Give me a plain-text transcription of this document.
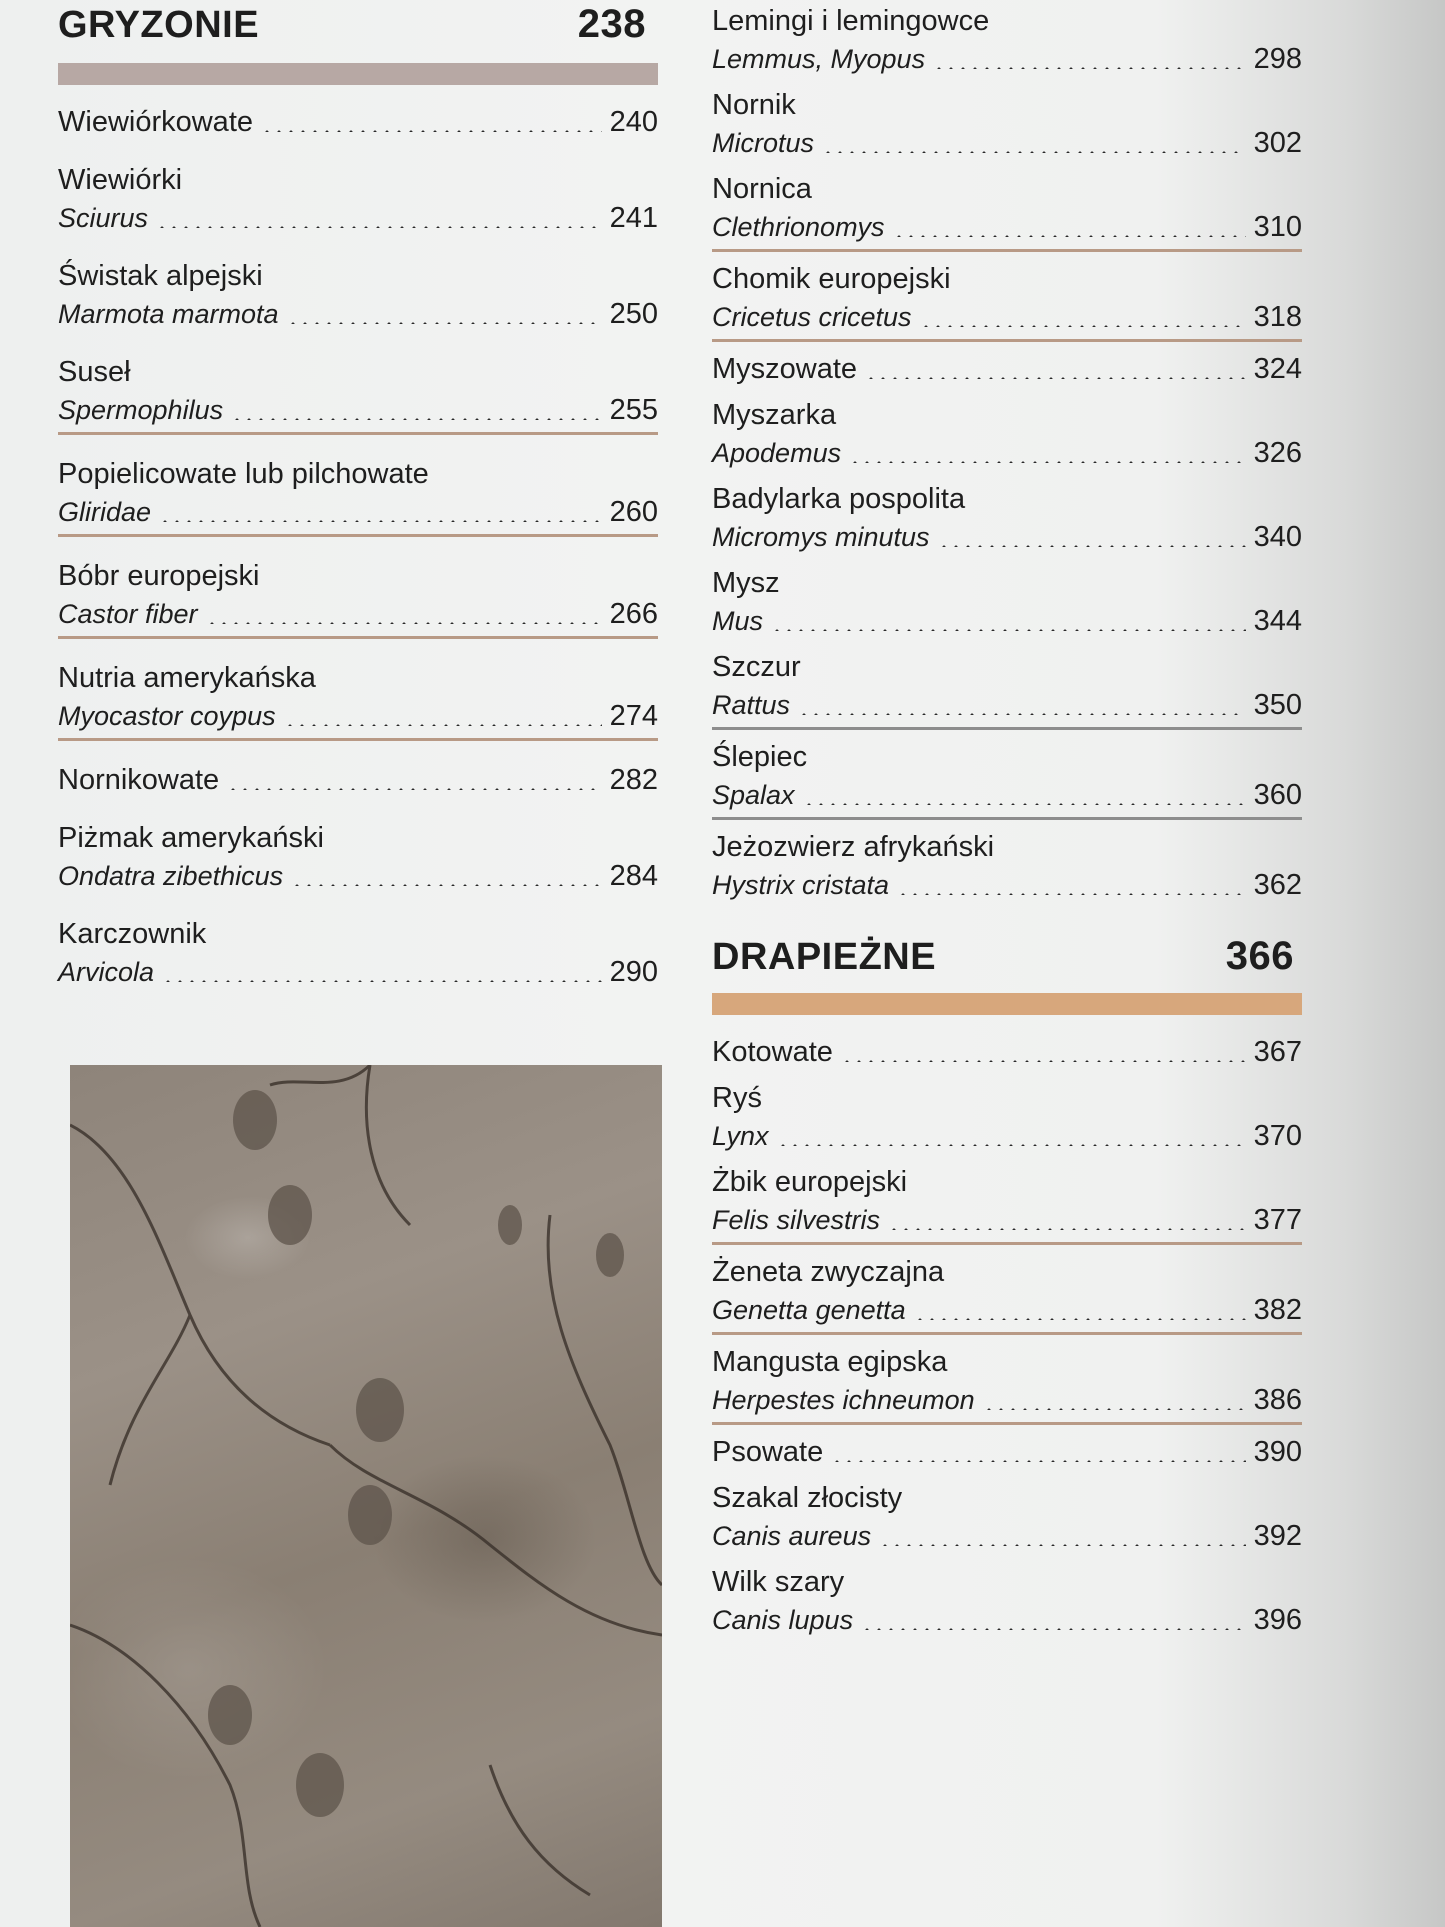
GRYZONIE	238
Wiewiórkowate	240
Wiewiórki
Sciurus	241
Świstak alpejski
Marmota marmota	250
Suseł
Spermophilus	255
Popielicowate lub pilchowate
Gliridae	260
Bóbr europejski
Castor fiber	266
Nutria amerykańska
Myocastor coypus	274
Nornikowate	282
Piżmak amerykański
Ondatra zibethicus	284
Karczownik
Arvicola	290
Lemingi i lemingowce
Lemmus, Myopus	298
Nornik
Microtus	302
Nornica
Clethrionomys	310
Chomik europejski
Cricetus cricetus	318
Myszowate	324
Myszarka
Apodemus	326
Badylarka pospolita
Micromys minutus	340
Mysz
Mus	344
Szczur
Rattus	350
Ślepiec
Spalax	360
Jeżozwierz afrykański
Hystrix cristata	362
DRAPIEŻNE	366
Kotowate	367
Ryś
Lynx	370
Żbik europejski
Felis silvestris	377
Żeneta zwyczajna
Genetta genetta	382
Mangusta egipska
Herpestes ichneumon	386
Psowate	390
Szakal złocisty
Canis aureus	392
Wilk szary
Canis lupus	396
